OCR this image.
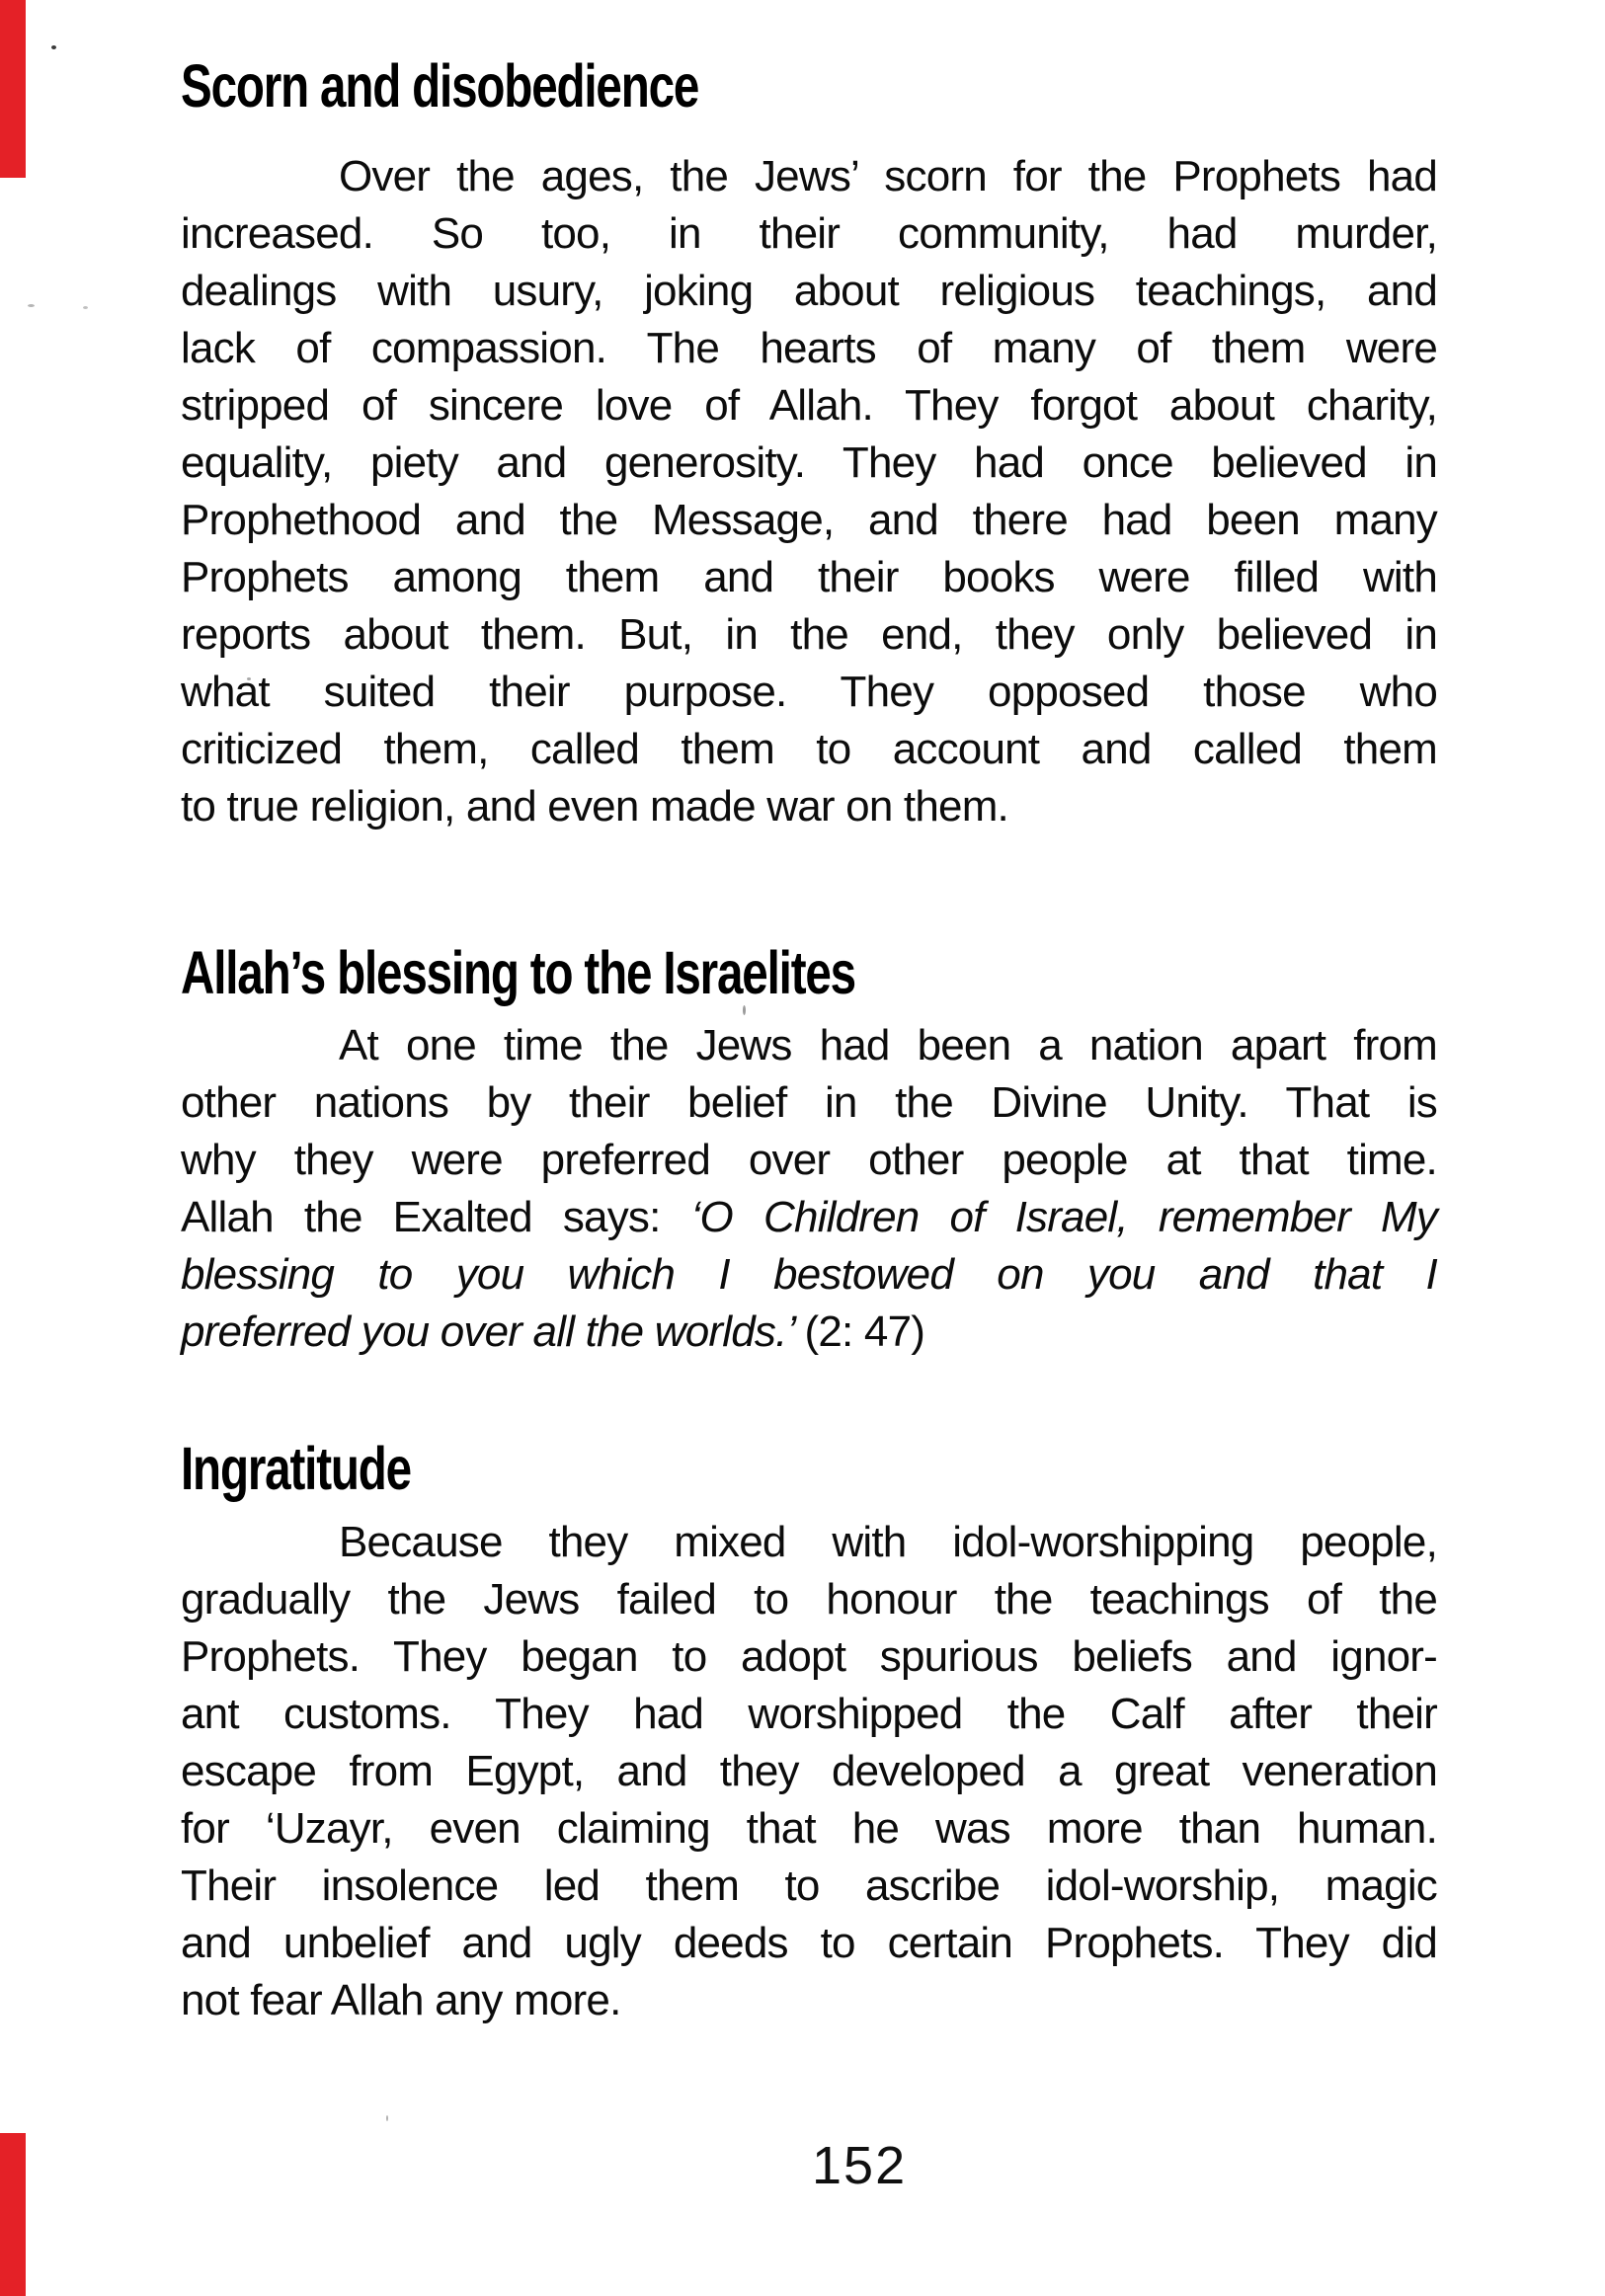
Scorn and disobedience
Over the ages, the Jews’ scorn for the Prophets had
increased. So too, in their community, had murder,
dealings with usury, joking about religious teachings, and
lack of compassion. The hearts of many of them were
stripped of sincere love of Allah. They forgot about charity,
equality, piety and generosity. They had once believed in
Prophethood and the Message, and there had been many
Prophets among them and their books were filled with
reports about them. But, in the end, they only believed in
what suited their purpose. They opposed those who
criticized them, called them to account and called them
to true religion, and even made war on them.
Allah’s blessing to the Israelites
At one time the Jews had been a nation apart from
other nations by their belief in the Divine Unity. That is
why they were preferred over other people at that time.
Allah the Exalted says: ‘O Children of Israel, remember My
blessing to you which I bestowed on you and that I
preferred you over all the worlds.’ (2: 47)
Ingratitude
Because they mixed with idol-worshipping people,
gradually the Jews failed to honour the teachings of the
Prophets. They began to adopt spurious beliefs and ignor-
ant customs. They had worshipped the Calf after their
escape from Egypt, and they developed a great veneration
for ‘Uzayr, even claiming that he was more than human.
Their insolence led them to ascribe idol-worship, magic
and unbelief and ugly deeds to certain Prophets. They did
not fear Allah any more.
152
